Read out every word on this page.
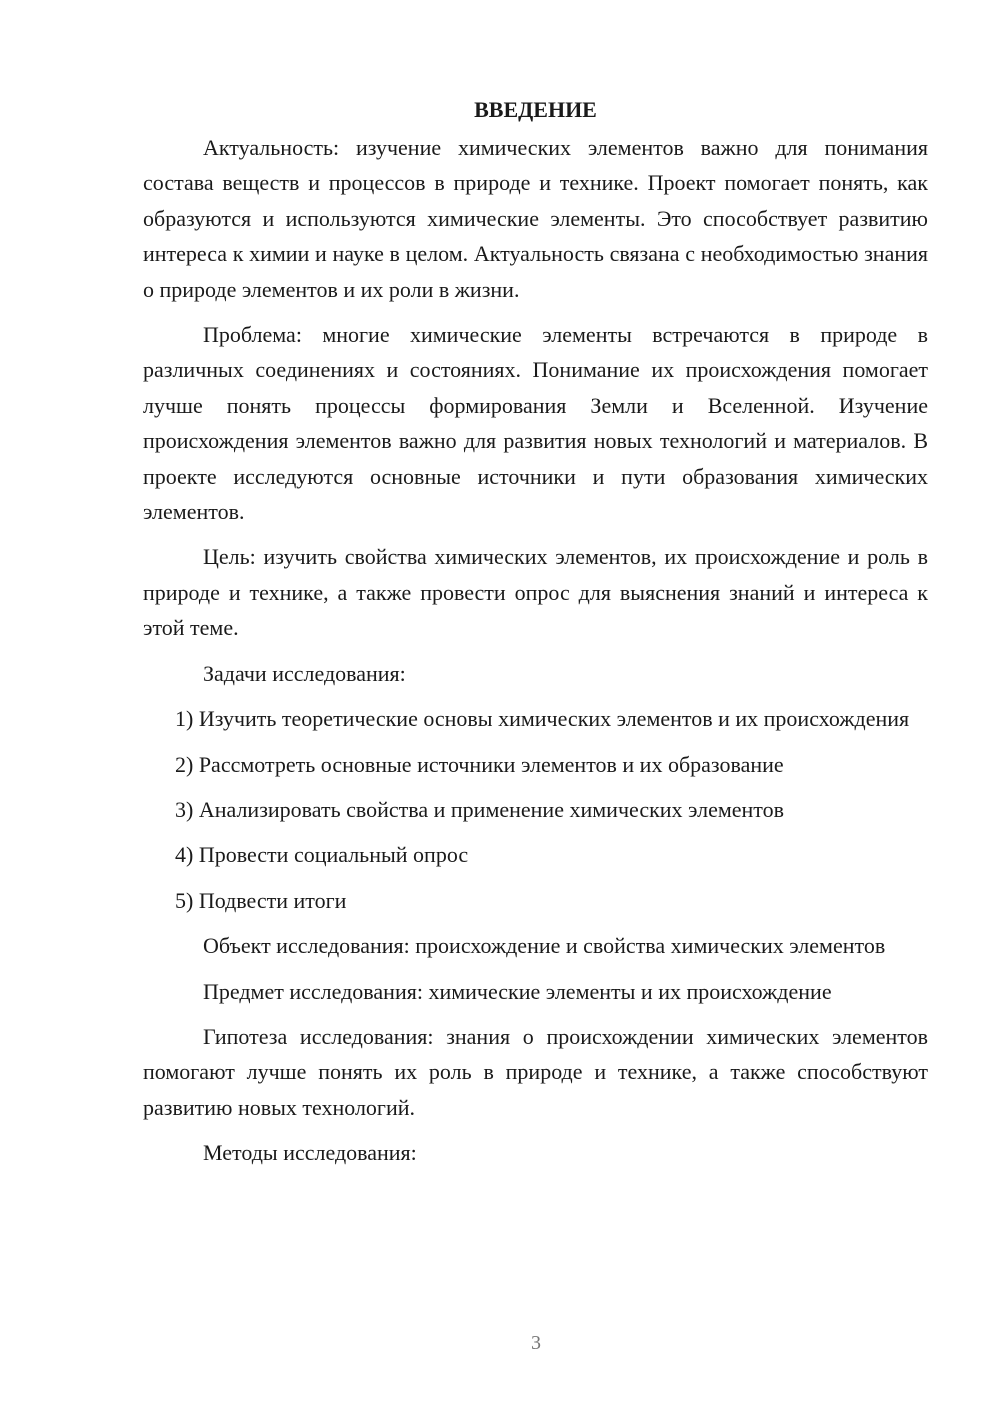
ВВЕДЕНИЕ

Актуальность: изучение химических элементов важно для понимания состава веществ и процессов в природе и технике. Проект помогает понять, как образуются и используются химические элементы. Это способствует развитию интереса к химии и науке в целом. Актуальность связана с необходимостью знания о природе элементов и их роли в жизни.

Проблема: многие химические элементы встречаются в природе в различных соединениях и состояниях. Понимание их происхождения помогает лучше понять процессы формирования Земли и Вселенной. Изучение происхождения элементов важно для развития новых технологий и материалов. В проекте исследуются основные источники и пути образования химических элементов.

Цель: изучить свойства химических элементов, их происхождение и роль в природе и технике, а также провести опрос для выяснения знаний и интереса к этой теме.

Задачи исследования:

1) Изучить теоретические основы химических элементов и их происхождения

2) Рассмотреть основные источники элементов и их образование

3) Анализировать свойства и применение химических элементов

4) Провести социальный опрос

5) Подвести итоги

Объект исследования: происхождение и свойства химических элементов

Предмет исследования: химические элементы и их происхождение

Гипотеза исследования: знания о происхождении химических элементов помогают лучше понять их роль в природе и технике, а также способствуют развитию новых технологий.

Методы исследования:

3
